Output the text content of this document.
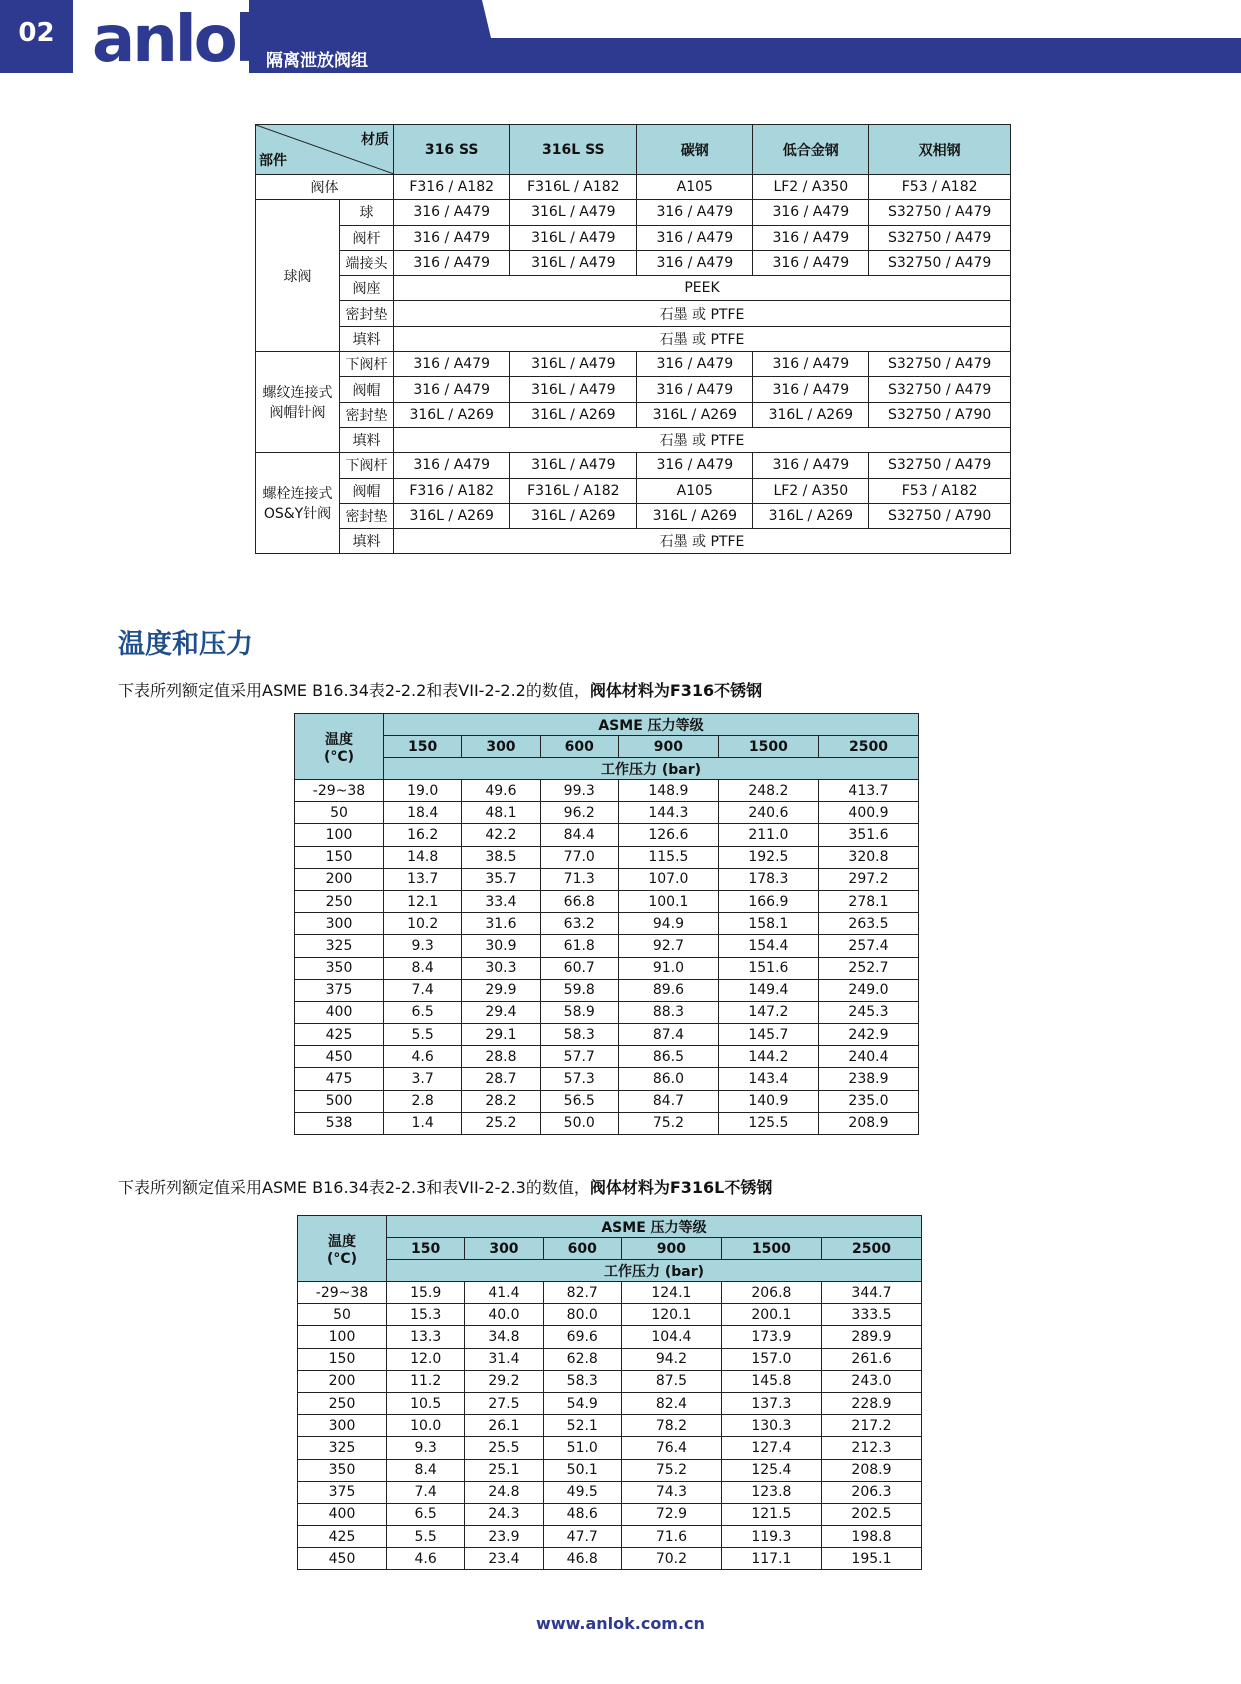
02 anlok
隔离泄放阀组
材质
部件		316 SS	316L SS	碳钢	低合金钢	双相钢
阀体		F316 / A182	F316L / A182	A105	LF2 / A350	F53 / A182
球阀	球	316 / A479	316L / A479	316 / A479	316 / A479	S32750 / A479
	阀杆	316 / A479	316L / A479	316 / A479	316 / A479	S32750 / A479
	端接头	316 / A479	316L / A479	316 / A479	316 / A479	S32750 / A479
	阀座	PEEK				
	密封垫	石墨 或 PTFE				
	填料	石墨 或 PTFE				

螺纹连接式
阀帽针阀	下阀杆	316 / A479	316L / A479	316 / A479	316 / A479	S32750 / A479
	阀帽	316 / A479	316L / A479	316 / A479	316 / A479	S32750 / A479
	密封垫	316L / A269	316L / A269	316L / A269	316L / A269	S32750 / A790
	填料	石墨 或 PTFE				

螺栓连接式
OS&Y针阀	下阀杆	316 / A479	316L / A479	316 / A479	316 / A479	S32750 / A479
	阀帽	F316 / A182	F316L / A182	A105	LF2 / A350	F53 / A182
	密封垫	316L / A269	316L / A269	316L / A269	316L / A269	S32750 / A790
	填料	石墨 或 PTFE				
温度和压力
下表所列额定值采用ASME B16.34表2-2.2和表VII-2-2.2的数值，阀体材料为F316不锈钢
温度
(°C)	ASME 压力等级					
	150	300	600	900	1500	2500
	工作压力 (bar)					
-29~38	19.0	49.6	99.3	148.9	248.2	413.7
50	18.4	48.1	96.2	144.3	240.6	400.9
100	16.2	42.2	84.4	126.6	211.0	351.6
150	14.8	38.5	77.0	115.5	192.5	320.8
200	13.7	35.7	71.3	107.0	178.3	297.2
250	12.1	33.4	66.8	100.1	166.9	278.1
300	10.2	31.6	63.2	94.9	158.1	263.5
325	9.3	30.9	61.8	92.7	154.4	257.4
350	8.4	30.3	60.7	91.0	151.6	252.7
375	7.4	29.9	59.8	89.6	149.4	249.0
400	6.5	29.4	58.9	88.3	147.2	245.3
425	5.5	29.1	58.3	87.4	145.7	242.9
450	4.6	28.8	57.7	86.5	144.2	240.4
475	3.7	28.7	57.3	86.0	143.4	238.9
500	2.8	28.2	56.5	84.7	140.9	235.0
538	1.4	25.2	50.0	75.2	125.5	208.9
下表所列额定值采用ASME B16.34表2-2.3和表VII-2-2.3的数值，阀体材料为F316L不锈钢
温度
(°C)	ASME 压力等级					
	150	300	600	900	1500	2500
	工作压力 (bar)					
-29~38	15.9	41.4	82.7	124.1	206.8	344.7
50	15.3	40.0	80.0	120.1	200.1	333.5
100	13.3	34.8	69.6	104.4	173.9	289.9
150	12.0	31.4	62.8	94.2	157.0	261.6
200	11.2	29.2	58.3	87.5	145.8	243.0
250	10.5	27.5	54.9	82.4	137.3	228.9
300	10.0	26.1	52.1	78.2	130.3	217.2
325	9.3	25.5	51.0	76.4	127.4	212.3
350	8.4	25.1	50.1	75.2	125.4	208.9
375	7.4	24.8	49.5	74.3	123.8	206.3
400	6.5	24.3	48.6	72.9	121.5	202.5
425	5.5	23.9	47.7	71.6	119.3	198.8
450	4.6	23.4	46.8	70.2	117.1	195.1
www.anlok.com.cn
